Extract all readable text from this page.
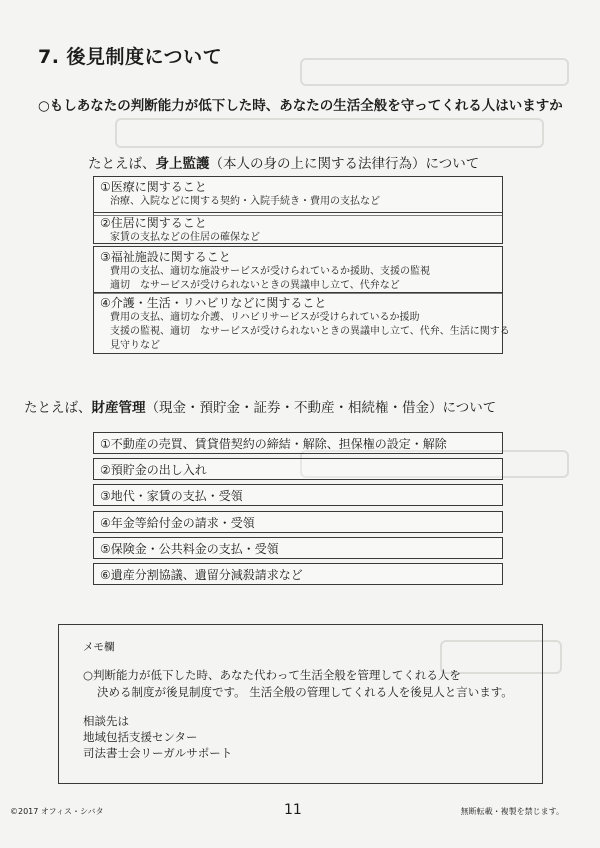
7. 後見制度について
○もしあなたの判断能力が低下した時、あなたの生活全般を守ってくれる人はいますか
たとえば、身上監護（本人の身の上に関する法律行為）について
①医療に関すること
治療、入院などに関する契約・入院手続き・費用の支払など
②住居に関すること
家賃の支払などの住居の確保など
③福祉施設に関すること
費用の支払、適切な施設サービスが受けられているか援助、支援の監視
適切　なサービスが受けられないときの異議申し立て、代弁など
④介護・生活・リハビリなどに関すること
費用の支払、適切な介護、リハビリサービスが受けられているか援助
支援の監視、適切　なサービスが受けられないときの異議申し立て、代弁、生活に関する
見守りなど
たとえば、財産管理（現金・預貯金・証券・不動産・相続権・借金）について
①不動産の売買、賃貸借契約の締結・解除、担保権の設定・解除
②預貯金の出し入れ
③地代・家賃の支払・受領
④年金等給付金の請求・受領
⑤保険金・公共料金の支払・受領
⑥遺産分割協議、遺留分減殺請求など
メモ欄
○判断能力が低下した時、あなた代わって生活全般を管理してくれる人を
決める制度が後見制度です。 生活全般の管理してくれる人を後見人と言います。
相談先は
地域包括支援センター
司法書士会リーガルサポート
©2017 オフィス・シバタ	11	無断転載・複製を禁じます。
